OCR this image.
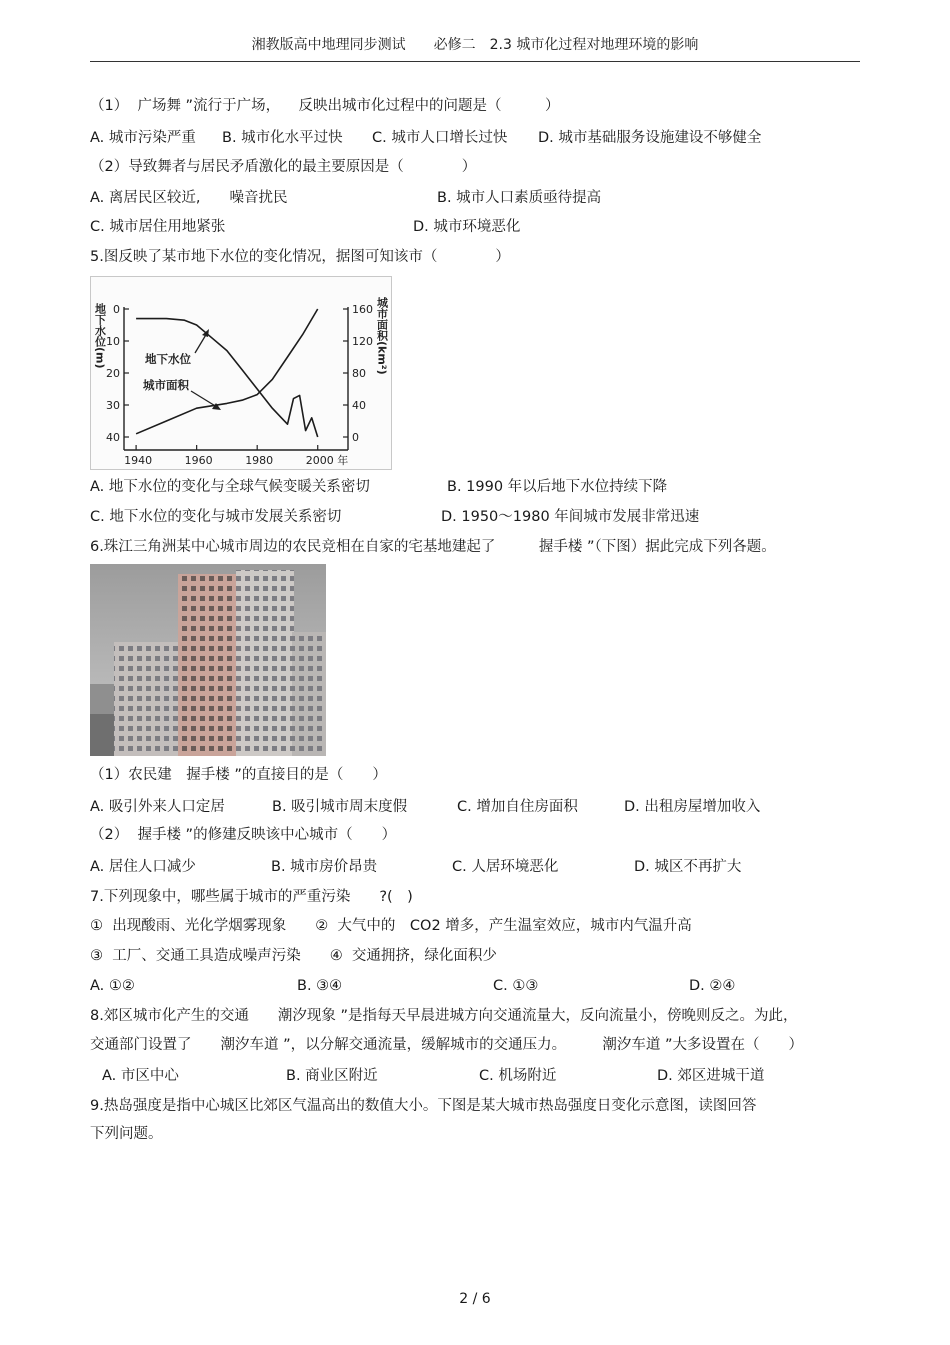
湘教版高中地理同步测试　　必修二　2.3 城市化过程对地理环境的影响
（1）  广场舞 ”流行于广场，    反映出城市化过程中的问题是（　　　）
A. 城市污染严重 B. 城市化水平过快 C. 城市人口增长过快 D. 城市基础服务设施建设不够健全
（2）导致舞者与居民矛盾激化的最主要原因是（　　　　）
A. 离居民区较近,　　噪音扰民	B. 城市人口素质亟待提高
C. 城市居住用地紧张	D. 城市环境恶化
5.图反映了某市地下水位的变化情况，据图可知该市（　　　　）
地下水位(m)	城市面积(km²)
地下水位
城市面积
0
10
20
30
40
160
120
80
40
0
1940	1960	1980	2000 年
A. 地下水位的变化与全球气候变暖关系密切	B. 1990 年以后地下水位持续下降
C. 地下水位的变化与城市发展关系密切	D. 1950～1980 年间城市发展非常迅速
6.珠江三角洲某中心城市周边的农民竞相在自家的宅基地建起了　　　握手楼 ”（下图）据此完成下列各题。
（1）农民建　握手楼 ”的直接目的是（　　）
A. 吸引外来人口定居	B. 吸引城市周末度假	C. 增加自住房面积	D. 出租房屋增加收入
（2）  握手楼 ”的修建反映该中心城市（　　）
A. 居住人口减少	B. 城市房价昂贵	C. 人居环境恶化	D. 城区不再扩大
7.下列现象中，哪些属于城市的严重污染　　?(　)
①  出现酸雨、光化学烟雾现象　　②  大气中的　CO2 增多，产生温室效应，城市内气温升高
③  工厂、交通工具造成噪声污染　　④  交通拥挤，绿化面积少
A. ①②	B. ③④	C. ①③	D. ②④
8.郊区城市化产生的交通　　潮汐现象 ”是指每天早晨进城方向交通流量大，反向流量小，傍晚则反之。为此，
交通部门设置了　　潮汐车道 ”，以分解交通流量，缓解城市的交通压力。　　　潮汐车道 ”大多设置在（　　）
A. 市区中心	B. 商业区附近	C. 机场附近	D. 郊区进城干道
9.热岛强度是指中心城区比郊区气温高出的数值大小。下图是某大城市热岛强度日变化示意图，读图回答
下列问题。
2 / 6
